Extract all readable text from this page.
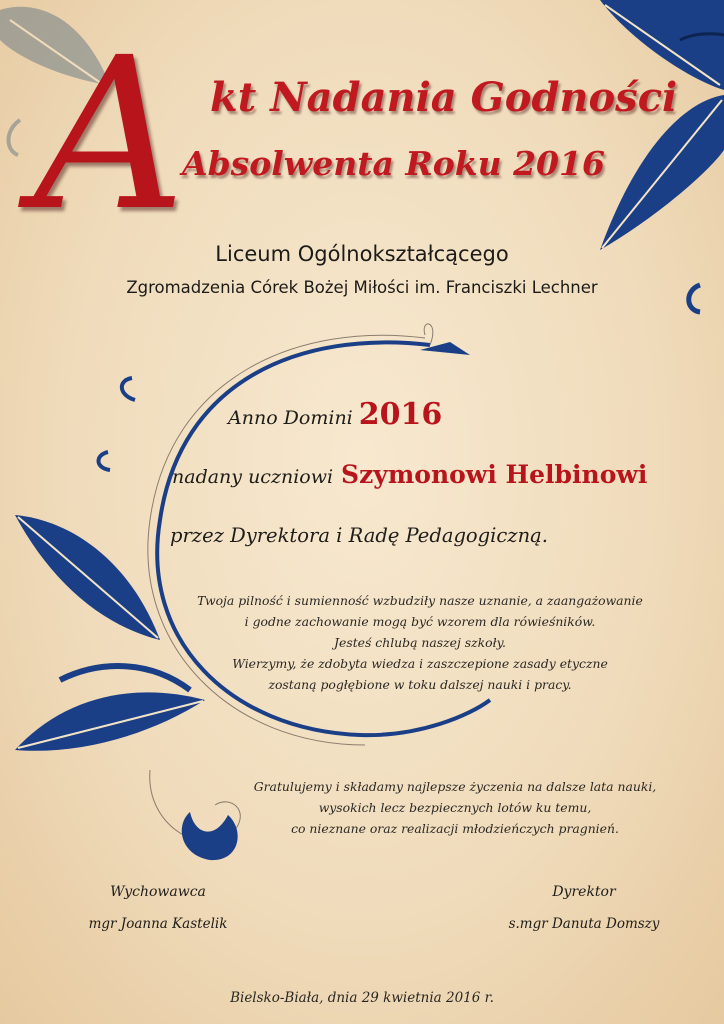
A kt Nadania Godności
Absolwenta Roku 2016
Liceum Ogólnokształcącego
Zgromadzenia Córek Bożej Miłości im. Franciszki Lechner
Anno Domini 2016
nadany uczniowi Szymonowi Helbinowi
przez Dyrektora i Radę Pedagogiczną.
Twoja pilność i sumienność wzbudziły nasze uznanie, a zaangażowanie
i godne zachowanie mogą być wzorem dla rówieśników.
Jesteś chlubą naszej szkoły.
Wierzymy, że zdobyta wiedza i zaszczepione zasady etyczne
zostaną pogłębione w toku dalszej nauki i pracy.
Gratulujemy i składamy najlepsze życzenia na dalsze lata nauki,
wysokich lecz bezpiecznych lotów ku temu,
co nieznane oraz realizacji młodzieńczych pragnień.
Wychowawca
mgr Joanna Kastelik
Dyrektor
s.mgr Danuta Domszy
Bielsko-Biała, dnia 29 kwietnia 2016 r.
